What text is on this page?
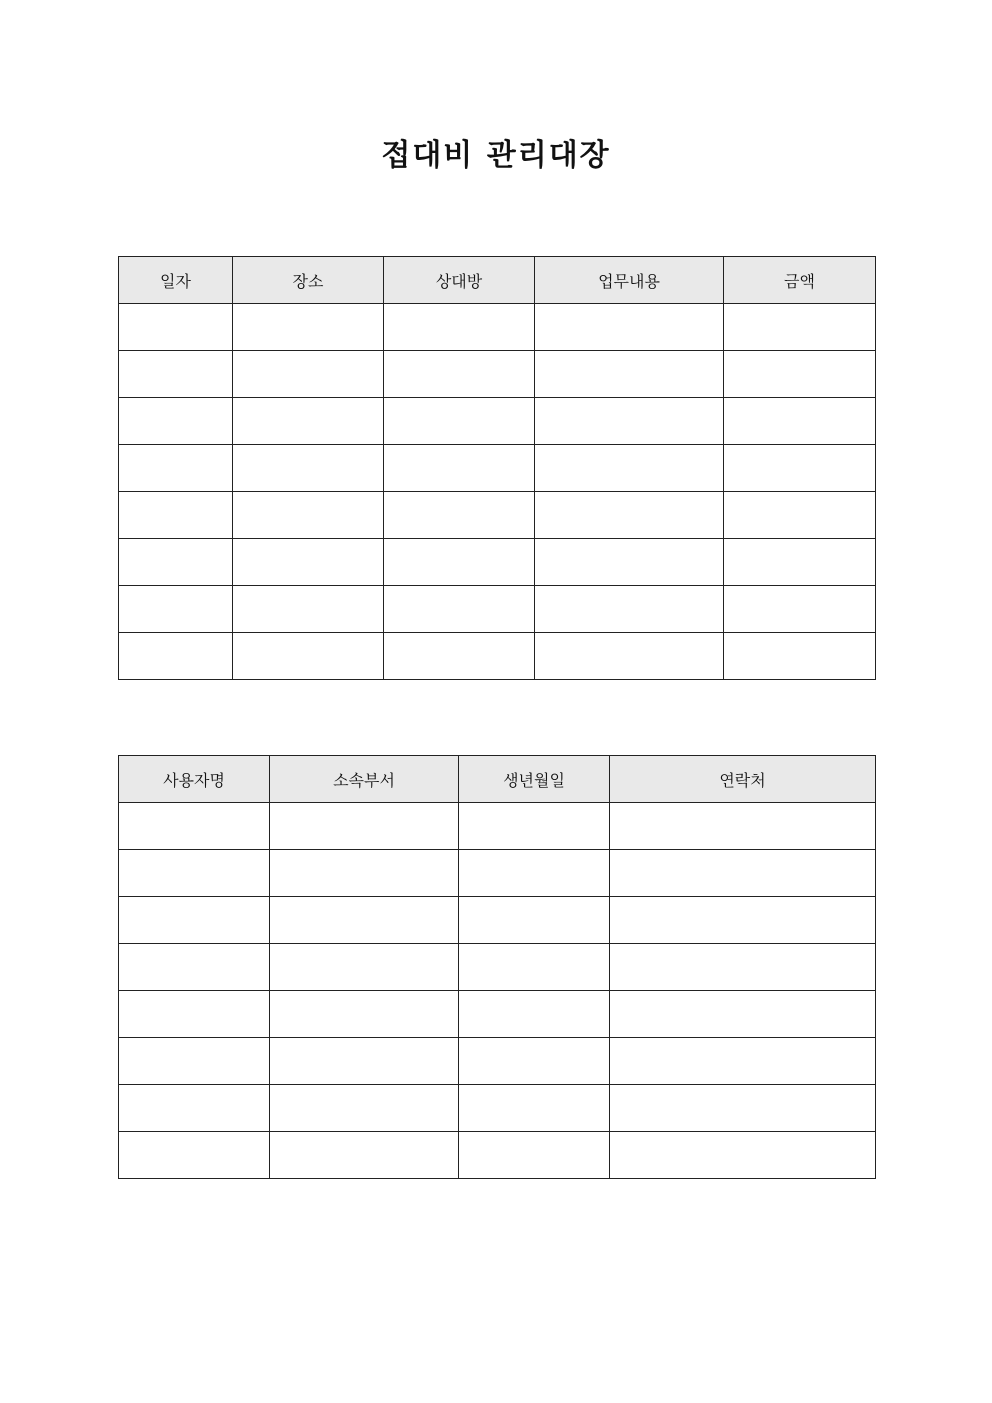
접대비 관리대장
일자	장소	상대방	업무내용	금액

사용자명	소속부서	생년월일	연락처
